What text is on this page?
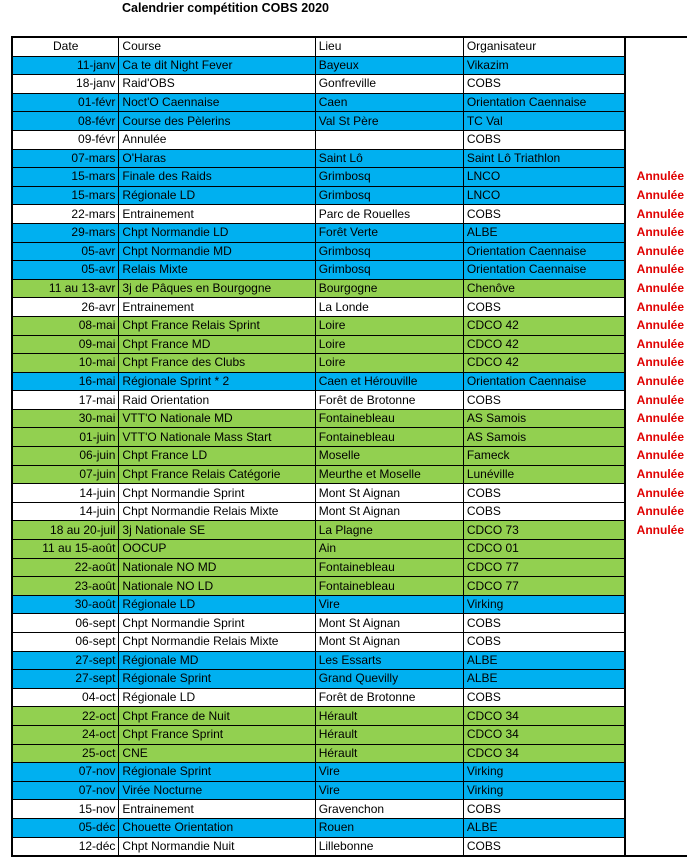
Calendrier compétition COBS 2020
Date	Course	Lieu	Organisateur	
11-janv	Ca te dit Night Fever	Bayeux	Vikazim	
18-janv	Raid'OBS	Gonfreville	COBS	
01-févr	Noct'O Caennaise	Caen	Orientation Caennaise	
08-févr	Course des Pèlerins	Val St Père	TC Val	
09-févr	Annulée		COBS	
07-mars	O'Haras	Saint Lô	Saint Lô Triathlon	
15-mars	Finale des Raids	Grimbosq	LNCO	Annulée
15-mars	Régionale LD	Grimbosq	LNCO	Annulée
22-mars	Entrainement	Parc de Rouelles	COBS	Annulée
29-mars	Chpt Normandie LD	Forêt Verte	ALBE	Annulée
05-avr	Chpt Normandie MD	Grimbosq	Orientation Caennaise	Annulée
05-avr	Relais Mixte	Grimbosq	Orientation Caennaise	Annulée
11 au 13-avr	3j de Pâques en Bourgogne	Bourgogne	Chenôve	Annulée
26-avr	Entrainement	La Londe	COBS	Annulée
08-mai	Chpt France Relais Sprint	Loire	CDCO 42	Annulée
09-mai	Chpt France MD	Loire	CDCO 42	Annulée
10-mai	Chpt France des Clubs	Loire	CDCO 42	Annulée
16-mai	Régionale Sprint * 2	Caen et Hérouville	Orientation Caennaise	Annulée
17-mai	Raid Orientation	Forêt de Brotonne	COBS	Annulée
30-mai	VTT'O Nationale MD	Fontainebleau	AS Samois	Annulée
01-juin	VTT'O Nationale Mass Start	Fontainebleau	AS Samois	Annulée
06-juin	Chpt France LD	Moselle	Fameck	Annulée
07-juin	Chpt France Relais Catégorie	Meurthe et Moselle	Lunéville	Annulée
14-juin	Chpt Normandie Sprint	Mont St Aignan	COBS	Annulée
14-juin	Chpt Normandie Relais Mixte	Mont St Aignan	COBS	Annulée
18 au 20-juil	3j Nationale SE	La Plagne	CDCO 73	Annulée
11 au 15-août	OOCUP	Ain	CDCO 01	
22-août	Nationale NO MD	Fontainebleau	CDCO 77	
23-août	Nationale NO LD	Fontainebleau	CDCO 77	
30-août	Régionale LD	Vire	Virking	
06-sept	Chpt Normandie Sprint	Mont St Aignan	COBS	
06-sept	Chpt Normandie Relais Mixte	Mont St Aignan	COBS	
27-sept	Régionale MD	Les Essarts	ALBE	
27-sept	Régionale Sprint	Grand Quevilly	ALBE	
04-oct	Régionale LD	Forêt de Brotonne	COBS	
22-oct	Chpt France de Nuit	Hérault	CDCO 34	
24-oct	Chpt France Sprint	Hérault	CDCO 34	
25-oct	CNE	Hérault	CDCO 34	
07-nov	Régionale Sprint	Vire	Virking	
07-nov	Virée Nocturne	Vire	Virking	
15-nov	Entrainement	Gravenchon	COBS	
05-déc	Chouette Orientation	Rouen	ALBE	
12-déc	Chpt Normandie Nuit	Lillebonne	COBS	
